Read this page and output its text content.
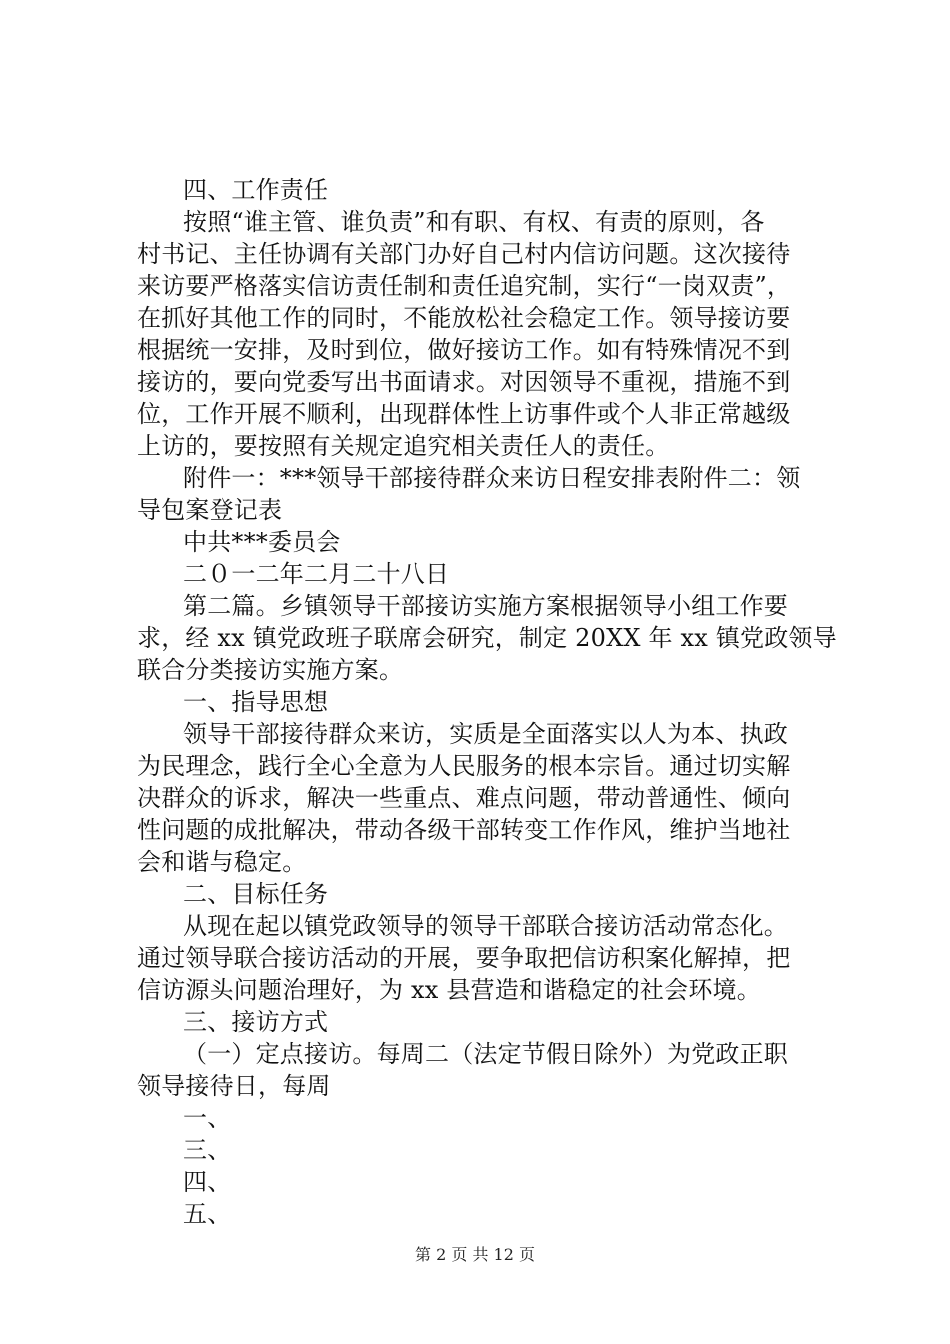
四、工作责任
按照“谁主管、谁负责”和有职、有权、有责的原则，各
村书记、主任协调有关部门办好自己村内信访问题。这次接待
来访要严格落实信访责任制和责任追究制，实行“一岗双责”，
在抓好其他工作的同时，不能放松社会稳定工作。领导接访要
根据统一安排，及时到位，做好接访工作。如有特殊情况不到
接访的，要向党委写出书面请求。对因领导不重视，措施不到
位，工作开展不顺利，出现群体性上访事件或个人非正常越级
上访的，要按照有关规定追究相关责任人的责任。
附件一：***领导干部接待群众来访日程安排表附件二：领
导包案登记表
中共***委员会
二０一二年二月二十八日
第二篇。乡镇领导干部接访实施方案根据领导小组工作要
求，经 xx 镇党政班子联席会研究，制定 20XX 年 xx 镇党政领导
联合分类接访实施方案。
一、指导思想
领导干部接待群众来访，实质是全面落实以人为本、执政
为民理念，践行全心全意为人民服务的根本宗旨。通过切实解
决群众的诉求，解决一些重点、难点问题，带动普通性、倾向
性问题的成批解决，带动各级干部转变工作作风，维护当地社
会和谐与稳定。
二、目标任务
从现在起以镇党政领导的领导干部联合接访活动常态化。
通过领导联合接访活动的开展，要争取把信访积案化解掉，把
信访源头问题治理好，为 xx 县营造和谐稳定的社会环境。
三、接访方式
（一）定点接访。每周二（法定节假日除外）为党政正职
领导接待日，每周
一、
三、
四、
五、
第 2 页 共 12 页
